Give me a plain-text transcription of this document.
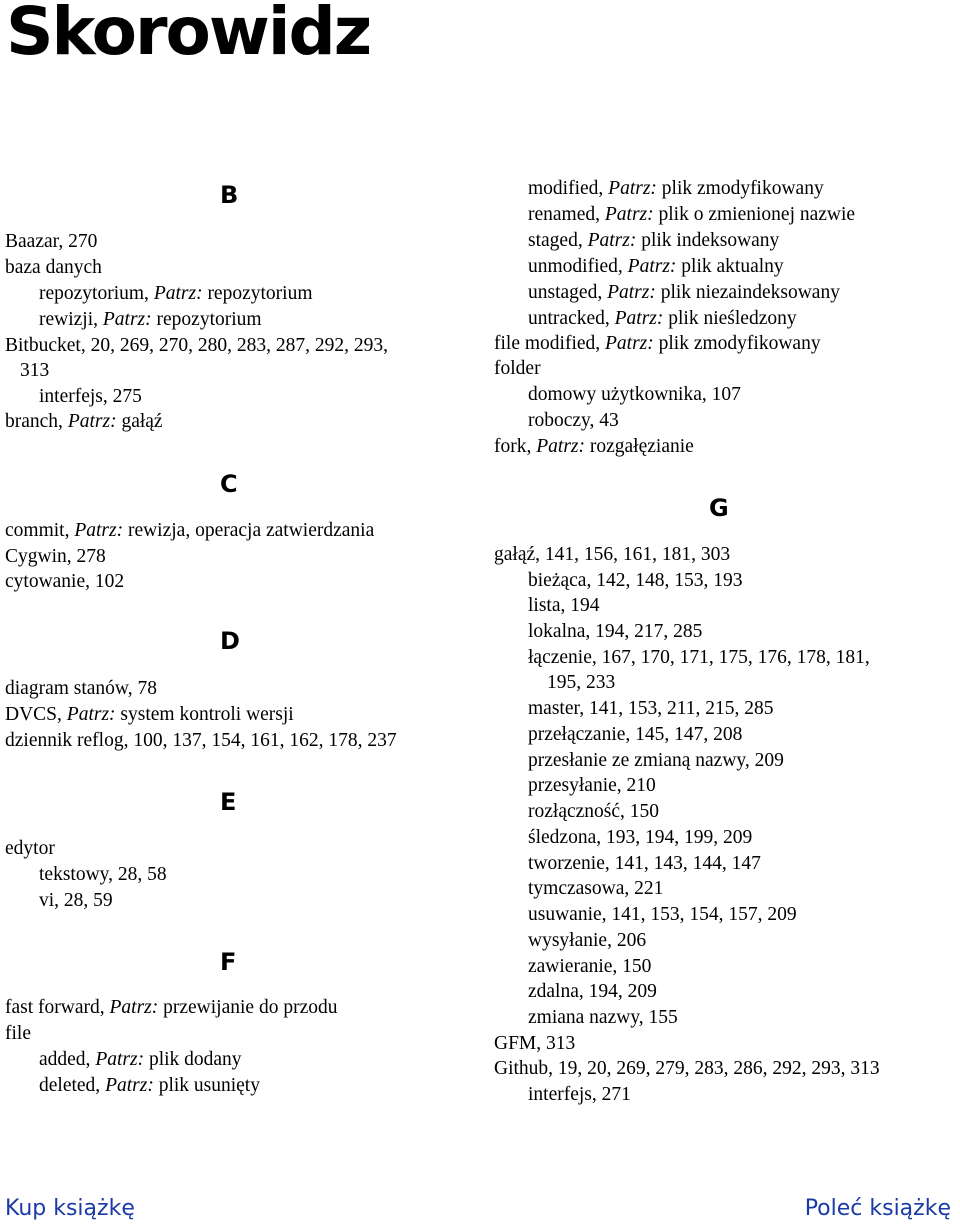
Skorowidz
B
Baazar, 270
baza danych
repozytorium, Patrz: repozytorium
rewizji, Patrz: repozytorium
Bitbucket, 20, 269, 270, 280, 283, 287, 292, 293,
313
interfejs, 275
branch, Patrz: gałąź
C
commit, Patrz: rewizja, operacja zatwierdzania
Cygwin, 278
cytowanie, 102
D
diagram stanów, 78
DVCS, Patrz: system kontroli wersji
dziennik reflog, 100, 137, 154, 161, 162, 178, 237
E
edytor
tekstowy, 28, 58
vi, 28, 59
F
fast forward, Patrz: przewijanie do przodu
file
added, Patrz: plik dodany
deleted, Patrz: plik usunięty
modified, Patrz: plik zmodyfikowany
renamed, Patrz: plik o zmienionej nazwie
staged, Patrz: plik indeksowany
unmodified, Patrz: plik aktualny
unstaged, Patrz: plik niezaindeksowany
untracked, Patrz: plik nieśledzony
file modified, Patrz: plik zmodyfikowany
folder
domowy użytkownika, 107
roboczy, 43
fork, Patrz: rozgałęzianie
G
gałąź, 141, 156, 161, 181, 303
bieżąca, 142, 148, 153, 193
lista, 194
lokalna, 194, 217, 285
łączenie, 167, 170, 171, 175, 176, 178, 181,
195, 233
master, 141, 153, 211, 215, 285
przełączanie, 145, 147, 208
przesłanie ze zmianą nazwy, 209
przesyłanie, 210
rozłączność, 150
śledzona, 193, 194, 199, 209
tworzenie, 141, 143, 144, 147
tymczasowa, 221
usuwanie, 141, 153, 154, 157, 209
wysyłanie, 206
zawieranie, 150
zdalna, 194, 209
zmiana nazwy, 155
GFM, 313
Github, 19, 20, 269, 279, 283, 286, 292, 293, 313
interfejs, 271
Kup książkę	Poleć książkę
